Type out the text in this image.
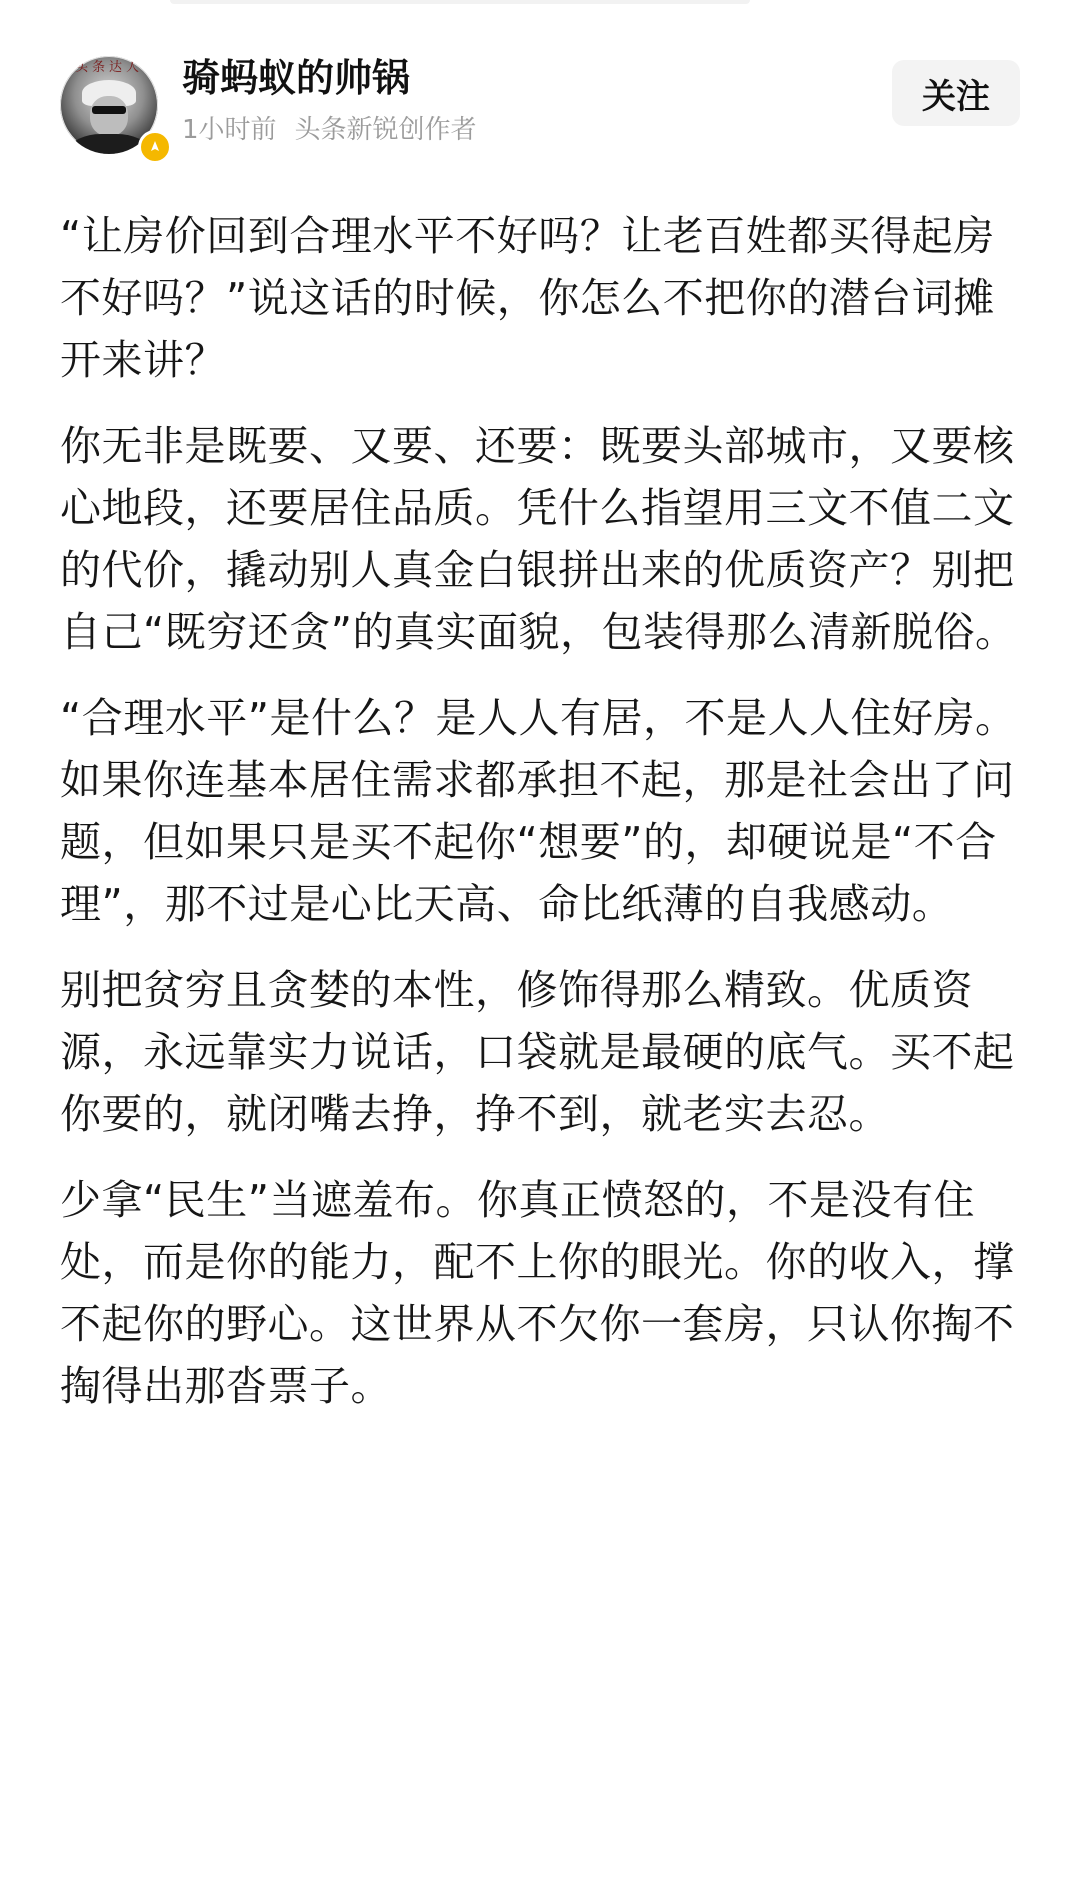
头条达人	骑蚂蚁的帅锅
1小时前 头条新锐创作者
关注

“让房价回到合理水平不好吗？让老百姓都买得起房不好吗？”说这话的时候，你怎么不把你的潜台词摊开来讲？

你无非是既要、又要、还要：既要头部城市，又要核心地段，还要居住品质。凭什么指望用三文不值二文的代价，撬动别人真金白银拼出来的优质资产？别把自己“既穷还贪”的真实面貌，包装得那么清新脱俗。

“合理水平”是什么？是人人有居，不是人人住好房。如果你连基本居住需求都承担不起，那是社会出了问题，但如果只是买不起你“想要”的，却硬说是“不合理”，那不过是心比天高、命比纸薄的自我感动。

别把贫穷且贪婪的本性，修饰得那么精致。优质资源，永远靠实力说话，口袋就是最硬的底气。买不起你要的，就闭嘴去挣，挣不到，就老实去忍。

少拿“民生”当遮羞布。你真正愤怒的，不是没有住处，而是你的能力，配不上你的眼光。你的收入，撑不起你的野心。这世界从不欠你一套房，只认你掏不掏得出那沓票子。
